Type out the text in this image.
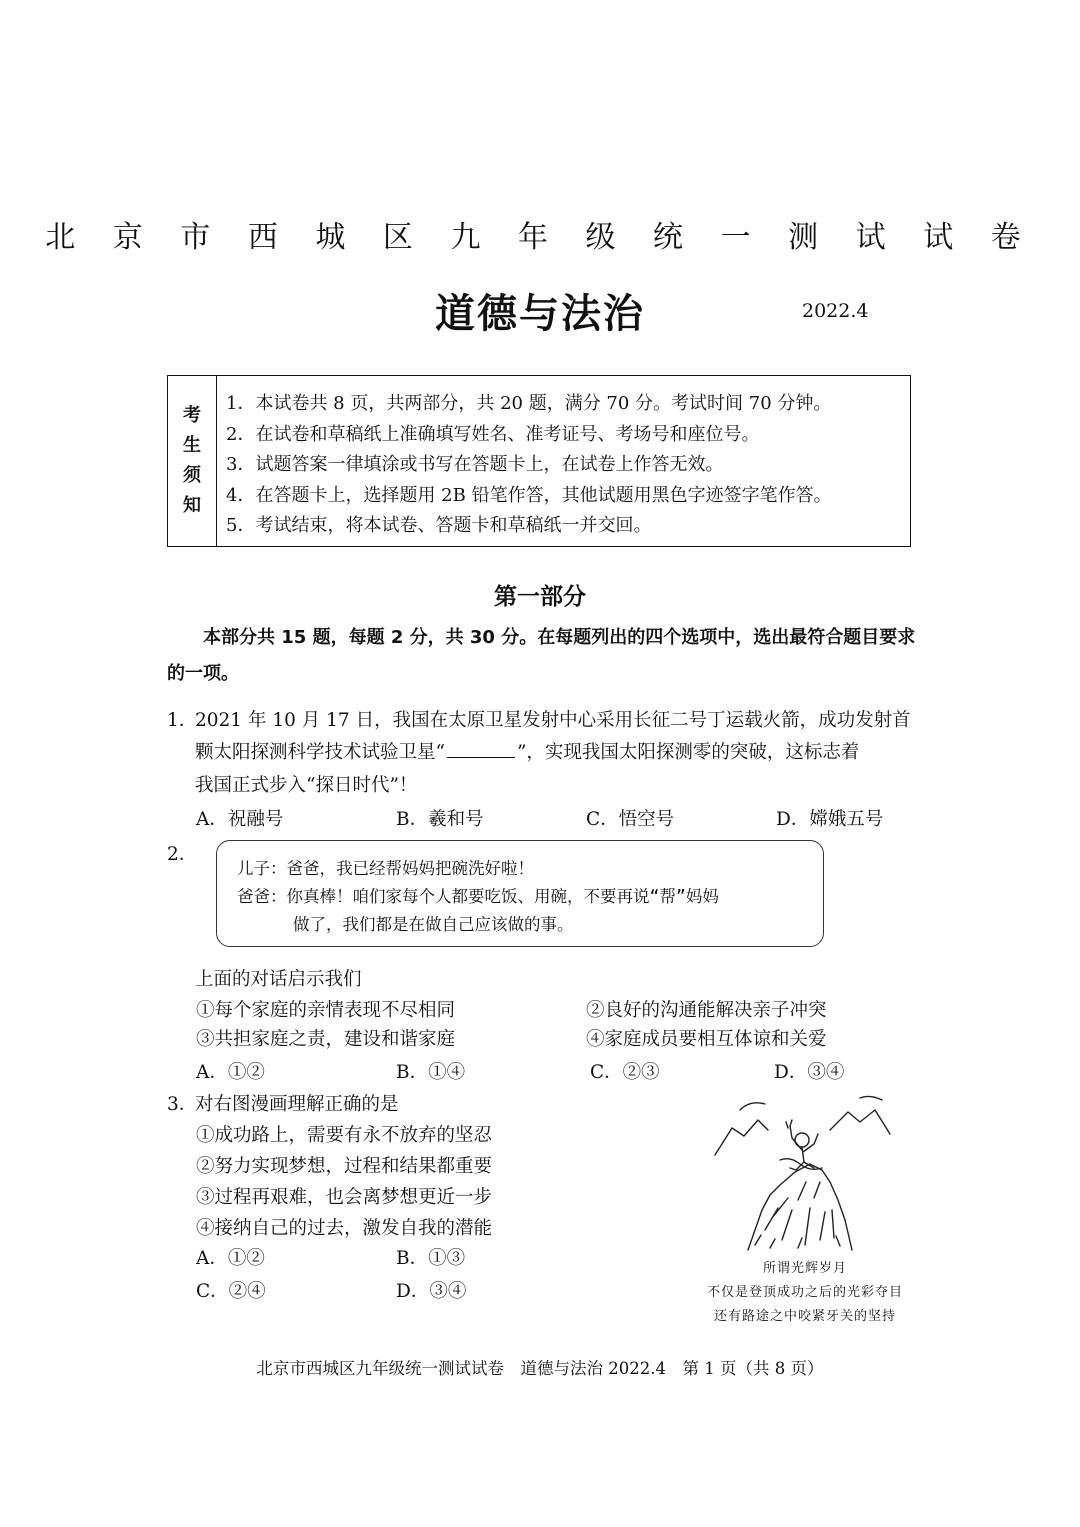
北 京 市 西 城 区 九 年 级 统 一 测 试 试 卷
道德与法治	2022.4
考
生
须
知
1．本试卷共 8 页，共两部分，共 20 题，满分 70 分。考试时间 70 分钟。
2．在试卷和草稿纸上准确填写姓名、准考证号、考场号和座位号。
3．试题答案一律填涂或书写在答题卡上，在试卷上作答无效。
4．在答题卡上，选择题用 2B 铅笔作答，其他试题用黑色字迹签字笔作答。
5．考试结束，将本试卷、答题卡和草稿纸一并交回。
第一部分
本部分共 15 题，每题 2 分，共 30 分。在每题列出的四个选项中，选出最符合题目要求的一项。
1．
2021 年 10 月 17 日，我国在太原卫星发射中心采用长征二号丁运载火箭，成功发射首
颗太阳探测科学技术试验卫星“	”，实现我国太阳探测零的突破，这标志着
我国正式步入“探日时代”！
A．祝融号	B．羲和号	C．悟空号	D．嫦娥五号
2．
儿子：爸爸，我已经帮妈妈把碗洗好啦！
爸爸：你真棒！咱们家每个人都要吃饭、用碗，不要再说“帮”妈妈
做了，我们都是在做自己应该做的事。
上面的对话启示我们
①每个家庭的亲情表现不尽相同	②良好的沟通能解决亲子冲突
③共担家庭之责，建设和谐家庭	④家庭成员要相互体谅和关爱
A．①②	B．①④	C．②③	D．③④
3．
对右图漫画理解正确的是
①成功路上，需要有永不放弃的坚忍
②努力实现梦想，过程和结果都重要
③过程再艰难，也会离梦想更近一步
④接纳自己的过去，激发自我的潜能
A．①②	B．①③
C．②④	D．③④
所谓光辉岁月
不仅是登顶成功之后的光彩夺目
还有路途之中咬紧牙关的坚持
北京市西城区九年级统一测试试卷　道德与法治 2022.4　第 1 页（共 8 页）
